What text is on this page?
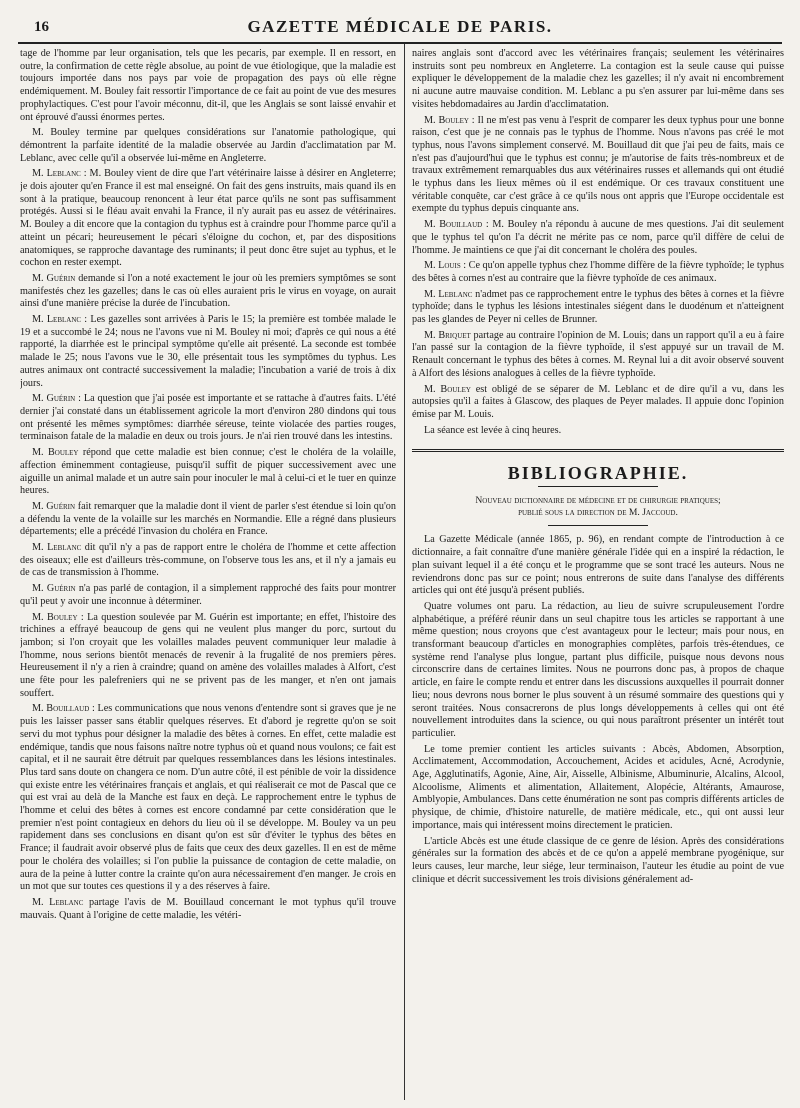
16	GAZETTE MÉDICALE DE PARIS.

tage de l'homme par leur organisation, tels que les pecaris, par exemple. Il en ressort, en outre, la confirmation de cette règle absolue, au point de vue étiologique, que la maladie est toujours importée dans nos pays par voie de propagation des pays où elle règne endémiquement. M. Bouley fait ressortir l'importance de ce fait au point de vue des mesures prophylactiques. C'est pour l'avoir méconnu, dit-il, que les Anglais se sont laissé envahir et ont éprouvé d'aussi énormes pertes.

M. Bouley termine par quelques considérations sur l'anatomie pathologique, qui démontrent la parfaite identité de la maladie observée au Jardin d'acclimatation par M. Leblanc, avec celle qu'il a observée lui-même en Angleterre.

M. Leblanc : M. Bouley vient de dire que l'art vétérinaire laisse à désirer en Angleterre; je dois ajouter qu'en France il est mal enseigné. On fait des gens instruits, mais quand ils en sont à la pratique, beaucoup renoncent à leur état parce qu'ils ne sont pas suffisamment protégés. Aussi si le fléau avait envahi la France, il n'y aurait pas eu assez de vétérinaires. M. Bouley a dit encore que la contagion du typhus est à craindre pour l'homme parce qu'il a atteint un pécari; heureusement le pécari s'éloigne du cochon, et, par des dispositions anatomiques, se rapproche davantage des ruminants; il peut donc être sujet au typhus, et le cochon en rester exempt.

M. Guérin demande si l'on a noté exactement le jour où les premiers symptômes se sont manifestés chez les gazelles; dans le cas où elles auraient pris le virus en voyage, on aurait ainsi d'une manière précise la durée de l'incubation.

M. Leblanc : Les gazelles sont arrivées à Paris le 15; la première est tombée malade le 19 et a succombé le 24; nous ne l'avons vue ni M. Bouley ni moi; d'après ce qui nous a été rapporté, la diarrhée est le principal symptôme qu'elle ait présenté. La seconde est tombée malade le 25; nous l'avons vue le 30, elle présentait tous les symptômes du typhus. Les autres animaux ont contracté successivement la maladie; l'incubation a varié de trois à dix jours.

M. Guérin : La question que j'ai posée est importante et se rattache à d'autres faits. L'été dernier j'ai constaté dans un établissement agricole la mort d'environ 280 dindons qui tous ont présenté les mêmes symptômes: diarrhée séreuse, teinte violacée des parties rouges, terminaison fatale de la maladie en deux ou trois jours. Je n'ai rien trouvé dans les intestins.

M. Bouley répond que cette maladie est bien connue; c'est le choléra de la volaille, affection éminemment contagieuse, puisqu'il suffit de piquer successivement avec une aiguille un animal malade et un autre sain pour inoculer le mal à celui-ci et le tuer en quinze heures.

M. Guérin fait remarquer que la maladie dont il vient de parler s'est étendue si loin qu'on a défendu la vente de la volaille sur les marchés en Normandie. Elle a régné dans plusieurs départements; elle a précédé l'invasion du choléra en France.

M. Leblanc dit qu'il n'y a pas de rapport entre le choléra de l'homme et cette affection des oiseaux; elle est d'ailleurs très-commune, on l'observe tous les ans, et il n'y a jamais eu de cas de transmission à l'homme.

M. Guérin n'a pas parlé de contagion, il a simplement rapproché des faits pour montrer qu'il peut y avoir une inconnue à déterminer.

M. Bouley : La question soulevée par M. Guérin est importante; en effet, l'histoire des trichines a effrayé beaucoup de gens qui ne veulent plus manger du porc, surtout du jambon; si l'on croyait que les volailles malades peuvent communiquer leur maladie à l'homme, nous serions bientôt menacés de revenir à la frugalité de nos premiers pères. Heureusement il n'y a rien à craindre; quand on amène des volailles malades à Alfort, c'est une fête pour les palefreniers qui ne se privent pas de les manger, et n'en ont jamais souffert.

M. Bouillaud : Les communications que nous venons d'entendre sont si graves que je ne puis les laisser passer sans établir quelques réserves. Et d'abord je regrette qu'on se soit servi du mot typhus pour désigner la maladie des bêtes à cornes. En effet, cette maladie est endémique, tandis que nous faisons naître notre typhus où et quand nous voulons; ce fait est capital, et il ne saurait être détruit par quelques ressemblances dans les lésions intestinales. Plus tard sans doute on changera ce nom. D'un autre côté, il est pénible de voir la dissidence qui existe entre les vétérinaires français et anglais, et qui réaliserait ce mot de Pascal que ce qui est vrai au delà de la Manche est faux en deçà. Le rapprochement entre le typhus de l'homme et celui des bêtes à cornes est encore condamné par cette considération que le premier n'est point contagieux en dehors du lieu où il se développe. M. Bouley va un peu rapidement dans ses conclusions en disant qu'on est sûr d'éviter le typhus des bêtes en France; il faudrait avoir observé plus de faits que ceux des deux gazelles. Il en est de même pour le choléra des volailles; si l'on publie la puissance de contagion de cette maladie, on aura de la peine à lutter contre la crainte qu'on aura nécessairement d'en manger. Je crois en un mot que sur toutes ces questions il y a des réserves à faire.

M. Leblanc partage l'avis de M. Bouillaud concernant le mot typhus qu'il trouve mauvais. Quant à l'origine de cette maladie, les vétéri-

naires anglais sont d'accord avec les vétérinaires français; seulement les vétérinaires instruits sont peu nombreux en Angleterre. La contagion est la seule cause qui puisse expliquer le développement de la maladie chez les gazelles; il n'y avait ni encombrement ni aucune autre mauvaise condition. M. Leblanc a pu s'en assurer par lui-même dans ses visites hebdomadaires au Jardin d'acclimatation.

M. Bouley : Il ne m'est pas venu à l'esprit de comparer les deux typhus pour une bonne raison, c'est que je ne connais pas le typhus de l'homme. Nous n'avons pas créé le mot typhus, nous l'avons simplement conservé. M. Bouillaud dit que j'ai peu de faits, mais ce n'est pas d'aujourd'hui que le typhus est connu; je m'autorise de faits très-nombreux et de travaux extrêmement remarquables dus aux vétérinaires russes et allemands qui ont étudié le typhus dans les lieux mêmes où il est endémique. Or ces travaux constituent une véritable conquête, car c'est grâce à ce qu'ils nous ont appris que l'Europe occidentale est exempte du typhus depuis cinquante ans.

M. Bouillaud : M. Bouley n'a répondu à aucune de mes questions. J'ai dit seulement que le typhus tel qu'on l'a décrit ne mérite pas ce nom, parce qu'il diffère de celui de l'homme. Je maintiens ce que j'ai dit concernant le choléra des poules.

M. Louis : Ce qu'on appelle typhus chez l'homme diffère de la fièvre typhoïde; le typhus des bêtes à cornes n'est au contraire que la fièvre typhoïde de ces animaux.

M. Leblanc n'admet pas ce rapprochement entre le typhus des bêtes à cornes et la fièvre typhoïde; dans le typhus les lésions intestinales siégent dans le duodénum et n'atteignent pas les glandes de Peyer ni celles de Brunner.

M. Briquet partage au contraire l'opinion de M. Louis; dans un rapport qu'il a eu à faire l'an passé sur la contagion de la fièvre typhoïde, il s'est appuyé sur un travail de M. Renault concernant le typhus des bêtes à cornes. M. Reynal lui a dit avoir observé souvent à Alfort des lésions analogues à celles de la fièvre typhoïde.

M. Bouley est obligé de se séparer de M. Leblanc et de dire qu'il a vu, dans les autopsies qu'il a faites à Glascow, des plaques de Peyer malades. Il appuie donc l'opinion émise par M. Louis.

La séance est levée à cinq heures.

BIBLIOGRAPHIE.
Nouveau dictionnaire de médecine et de chirurgie pratiques;
publié sous la direction de M. Jaccoud.

La Gazette Médicale (année 1865, p. 96), en rendant compte de l'introduction à ce dictionnaire, a fait connaître d'une manière générale l'idée qui en a inspiré la rédaction, le plan suivant lequel il a été conçu et le programme que se sont tracé les auteurs. Nous ne reviendrons donc pas sur ce point; nous entrerons de suite dans l'analyse des différents articles qui ont été jusqu'à présent publiés.

Quatre volumes ont paru. La rédaction, au lieu de suivre scrupuleusement l'ordre alphabétique, a préféré réunir dans un seul chapitre tous les articles se rapportant à une même question; nous croyons que c'est avantageux pour le lecteur; mais pour nous, en transformant beaucoup d'articles en monographies complètes, parfois très-étendues, ce système rend l'analyse plus longue, partant plus difficile, puisque nous devons nous circonscrire dans de certaines limites. Nous ne pourrons donc pas, à propos de chaque article, en faire le compte rendu et entrer dans les discussions auxquelles il pourrait donner lieu; nous devrons nous borner le plus souvent à un résumé sommaire des questions qui y seront traitées. Nous consacrerons de plus longs développements à celles qui ont été nouvellement introduites dans la science, ou qui nous paraîtront présenter un intérêt tout particulier.

Le tome premier contient les articles suivants : Abcès, Abdomen, Absorption, Acclimatement, Accommodation, Accouchement, Acides et acidules, Acné, Acrodynie, Age, Agglutinatifs, Agonie, Aine, Air, Aisselle, Albinisme, Albuminurie, Alcalins, Alcool, Alcoolisme, Aliments et alimentation, Allaitement, Alopécie, Altérants, Amaurose, Amblyopie, Ambulances. Dans cette énumération ne sont pas compris différents articles de physique, de chimie, d'histoire naturelle, de matière médicale, etc., qui ont aussi leur importance, mais qui intéressent moins directement le praticien.

L'article Abcès est une étude classique de ce genre de lésion. Après des considérations générales sur la formation des abcès et de ce qu'on a appelé membrane pyogénique, sur leurs causes, leur marche, leur siége, leur terminaison, l'auteur les étudie au point de vue clinique et décrit successivement les trois divisions généralement ad-
